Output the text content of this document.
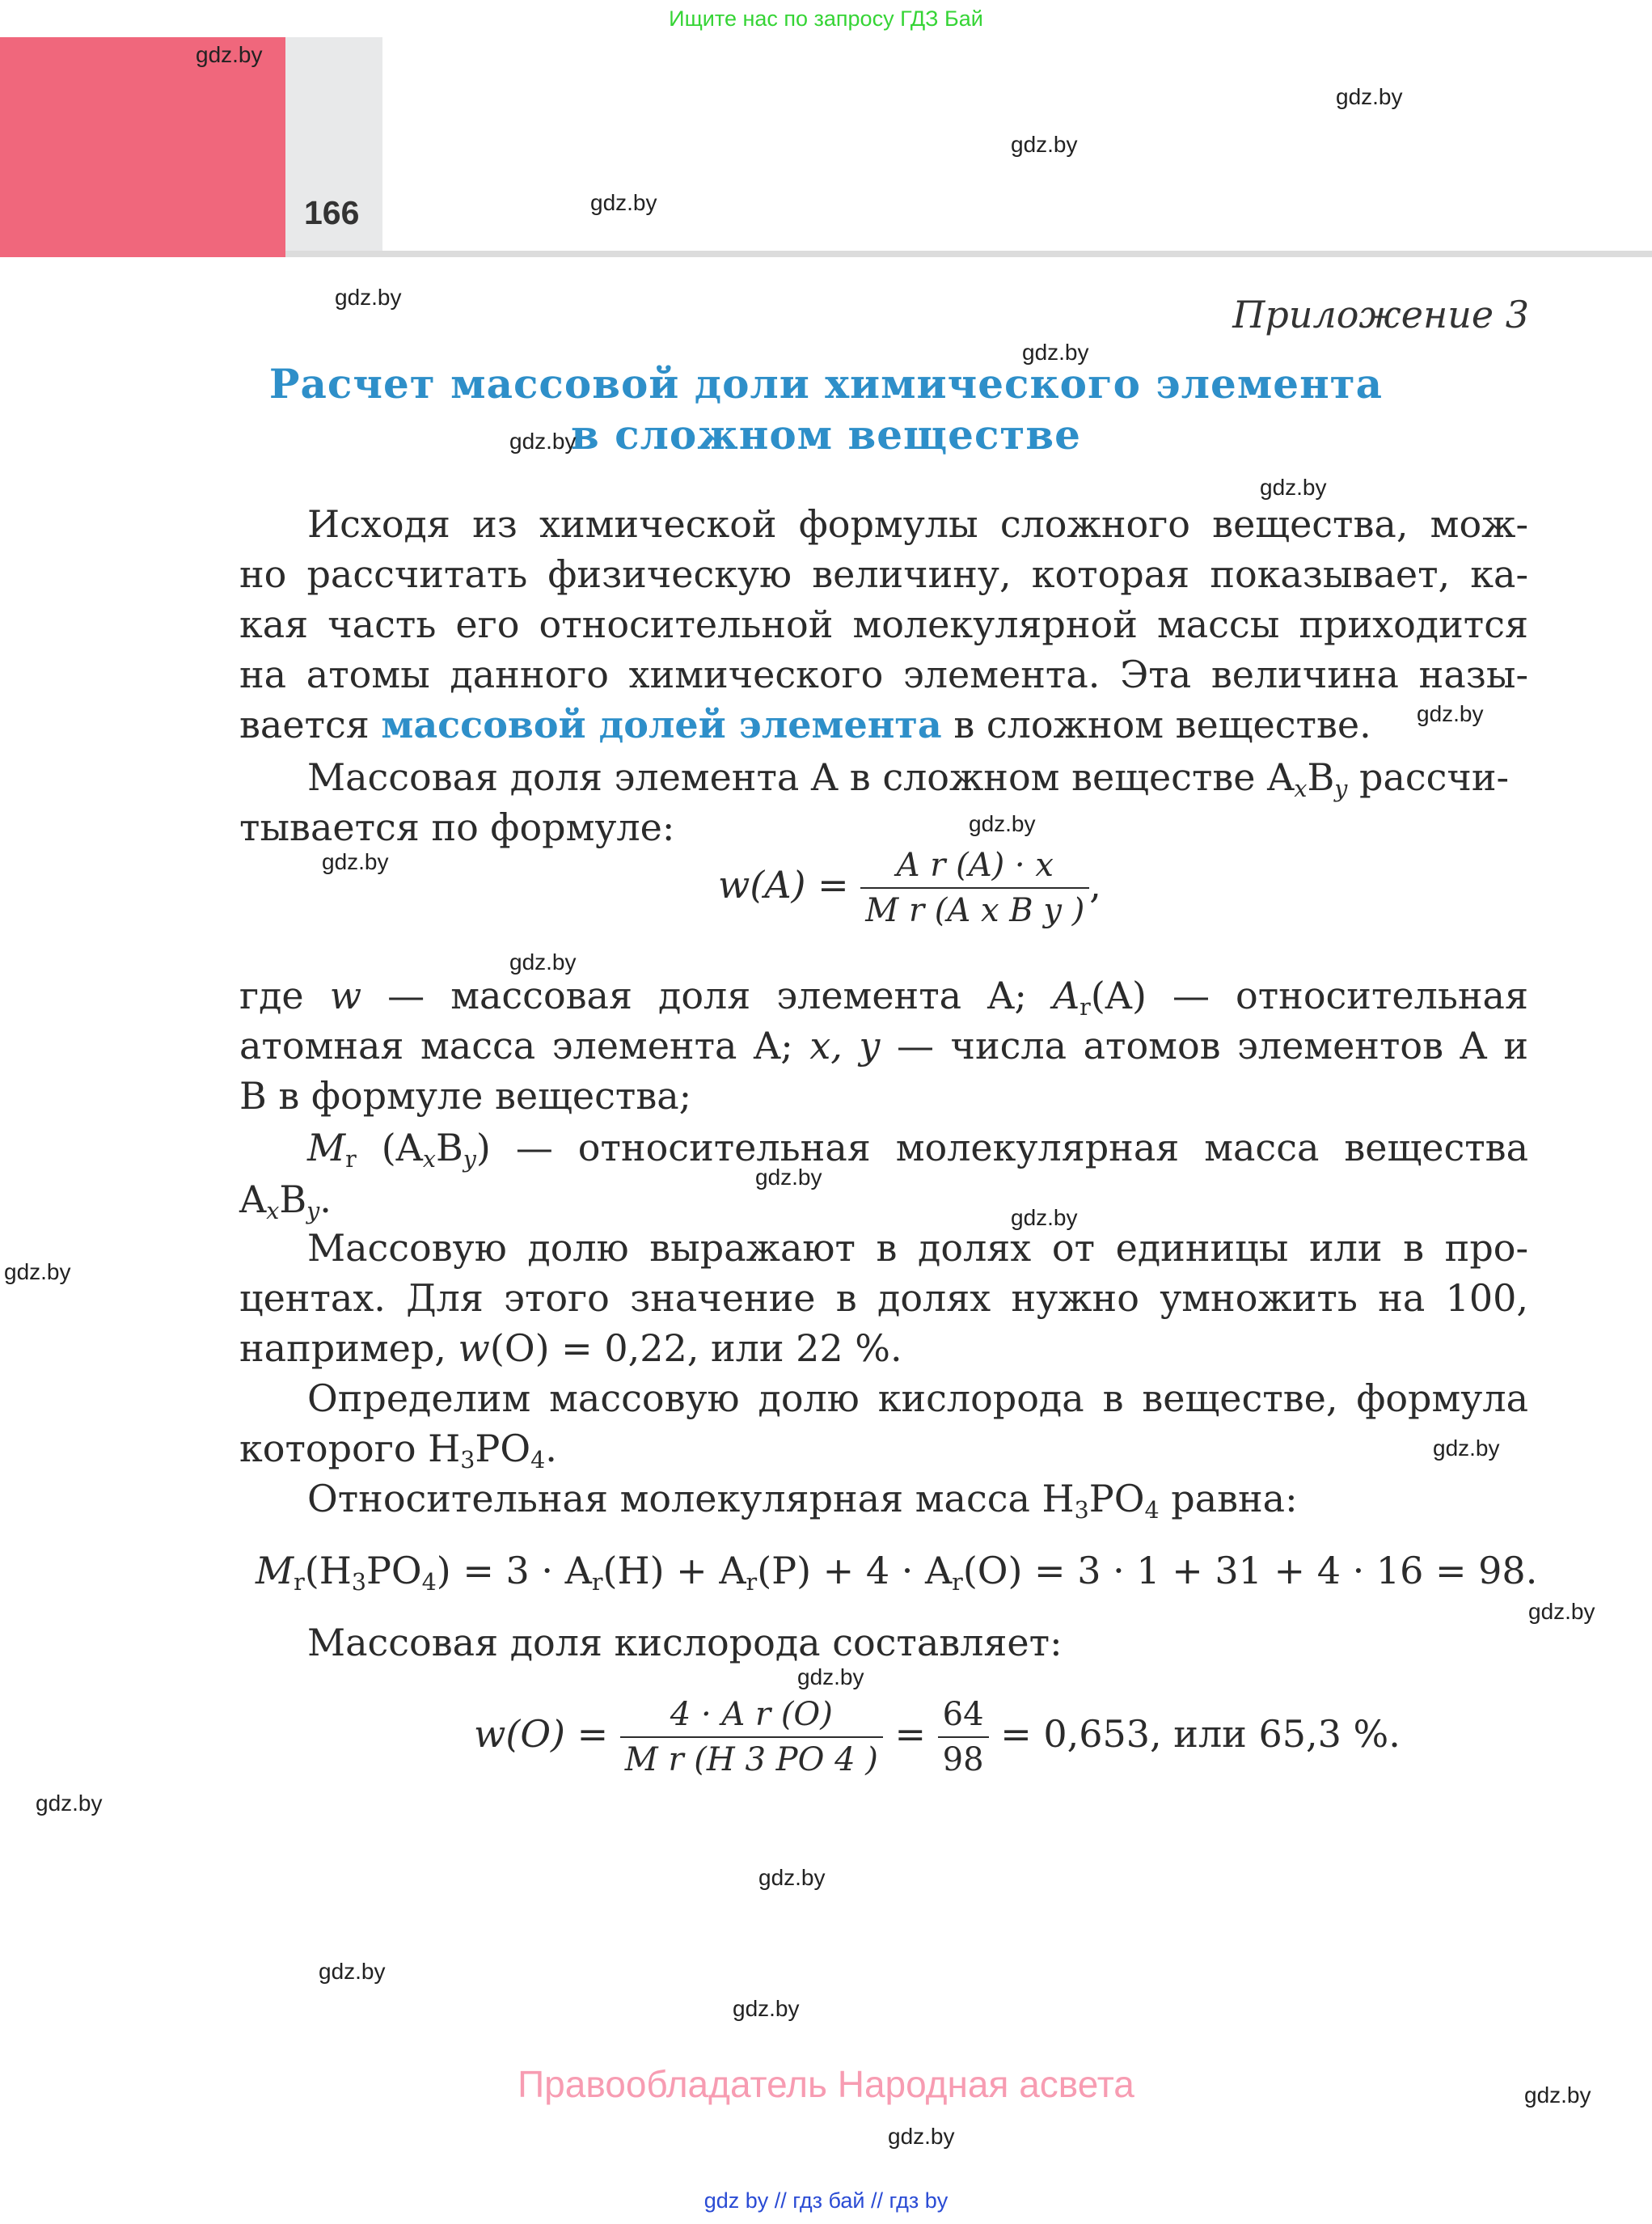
Ищите нас по запросу ГДЗ Бай
166
Приложение 3
Расчет массовой доли химического элемента
в сложном веществе
Исходя из химической формулы сложного вещества, мож-
но рассчитать физическую величину, которая показывает, ка-
кая часть его относительной молекулярной массы приходится
на атомы данного химического элемента. Эта величина назы-
вается массовой долей элемента в сложном веществе.
Массовая доля элемента A в сложном веществе $A_xB_y$ рассчи-
тывается по формуле:
$w(A) = \frac{\text{A r (A) · x}}{\text{M r (A x B y )}}$ ,
где w — массовая доля элемента A; $A_r(A)$ — относительная
атомная масса элемента A; x, y — числа атомов элементов A и
B в формуле вещества;
$M_r$ $(A_xB_y)$ — относительная молекулярная масса вещества
$A_xB_y$.
Массовую долю выражают в долях от единицы или в про-
центах. Для этого значение в долях нужно умножить на 100,
например, w(O) = 0,22, или 22 %.
Определим массовую долю кислорода в веществе, формула
которого $H_3PO_4$.
Относительная молекулярная масса $H_3PO_4$ равна:
$M_r(H_3PO_4) = 3 \cdot A_r(H) + A_r(P) + 4 \cdot A_r(O) = 3 \cdot 1 + 31 + 4 \cdot 16 = 98$.
Массовая доля кислорода составляет:
$w(O) = \frac{\text{4 · A r (O)}}{\text{M r (H 3 PO 4 )}} = \frac{64}{98} = 0,653$, или 65,3 %.
gdz.by
gdz.by
gdz.by
gdz.by
gdz.by
gdz.by
gdz.by
gdz.by
gdz.by
gdz.by
gdz.by
gdz.by
gdz.by
gdz.by
gdz.by
gdz.by
gdz.by
gdz.by
gdz.by
gdz.by
gdz.by
gdz.by
gdz.by
gdz.by
Правообладатель Народная асвета
gdz by // гдз бай // гдз by
